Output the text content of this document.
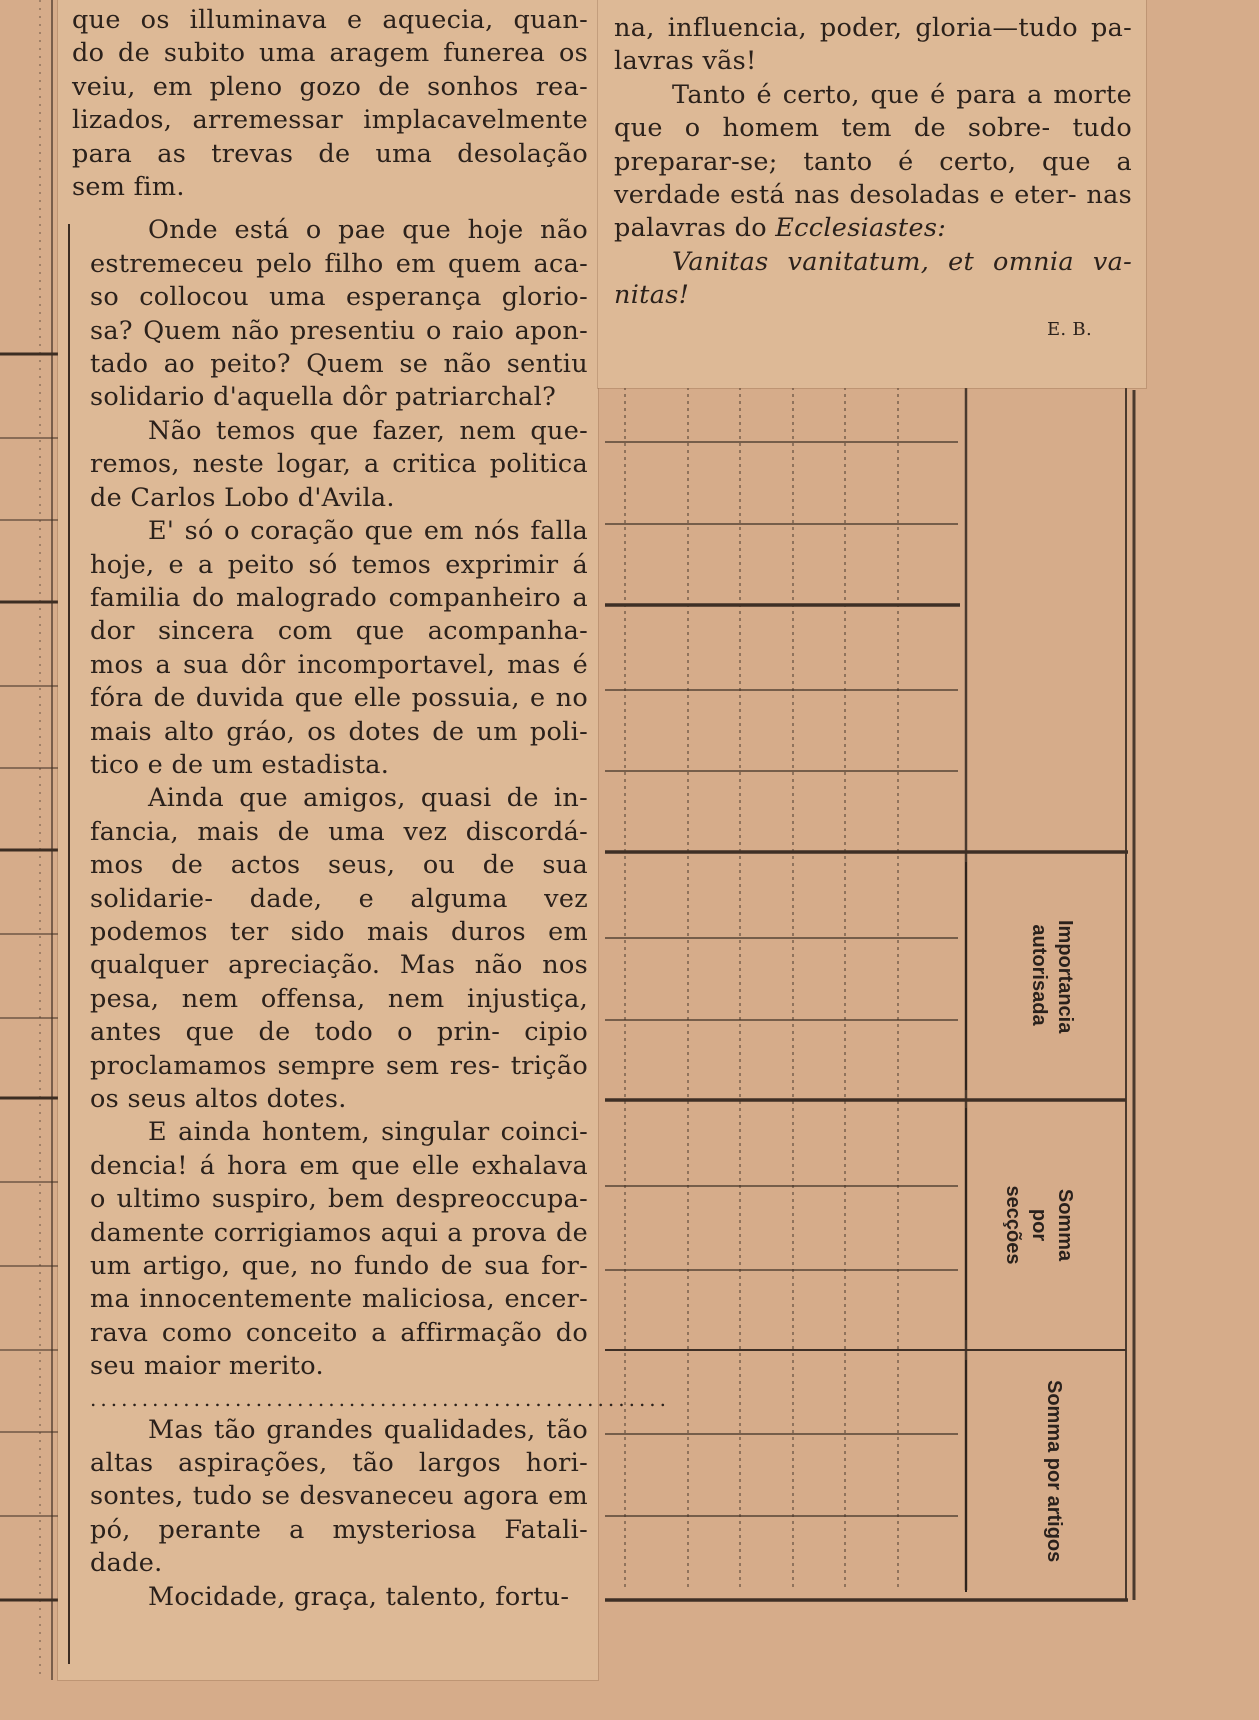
Importancia autorisada
Somma por secções
Somma por artigos

que os illuminava e aquecia, quan-

do de subito uma aragem funerea os

veiu, em pleno gozo de sonhos rea-

lizados, arremessar implacavelmente

para as trevas de uma desolação

sem fim.

Onde está o pae que hoje não estremeceu pelo filho em quem aca- so collocou uma esperança glorio- sa? Quem não presentiu o raio apon- tado ao peito? Quem se não sentiu solidario d'aquella dôr patriarchal?

Não temos que fazer, nem que- remos, neste logar, a critica politica de Carlos Lobo d'Avila.

E' só o coração que em nós falla hoje, e a peito só temos exprimir á familia do malogrado companheiro a dor sincera com que acompanha- mos a sua dôr incomportavel, mas é fóra de duvida que elle possuia, e no mais alto gráo, os dotes de um poli- tico e de um estadista.

Ainda que amigos, quasi de in- fancia, mais de uma vez discordá- mos de actos seus, ou de sua solidarie- dade, e alguma vez podemos ter sido mais duros em qualquer apreciação. Mas não nos pesa, nem offensa, nem injustiça, antes que de todo o prin- cipio proclamamos sempre sem res- trição os seus altos dotes.

E ainda hontem, singular coinci- dencia! á hora em que elle exhalava o ultimo suspiro, bem despreoccupa- damente corrigiamos aqui a prova de um artigo, que, no fundo de sua for- ma innocentemente maliciosa, encer- rava como conceito a affirmação do seu maior merito.

........................................................

Mas tão grandes qualidades, tão altas aspirações, tão largos hori- sontes, tudo se desvaneceu agora em pó, perante a mysteriosa Fatali- dade.

Mocidade, graça, talento, fortu-

na, influencia, poder, gloria—tudo pa- lavras vãs!

Tanto é certo, que é para a morte que o homem tem de sobre- tudo preparar-se; tanto é certo, que a verdade está nas desoladas e eter- nas palavras do Ecclesiastes:

Vanitas vanitatum, et omnia va- nitas!

E. B.
